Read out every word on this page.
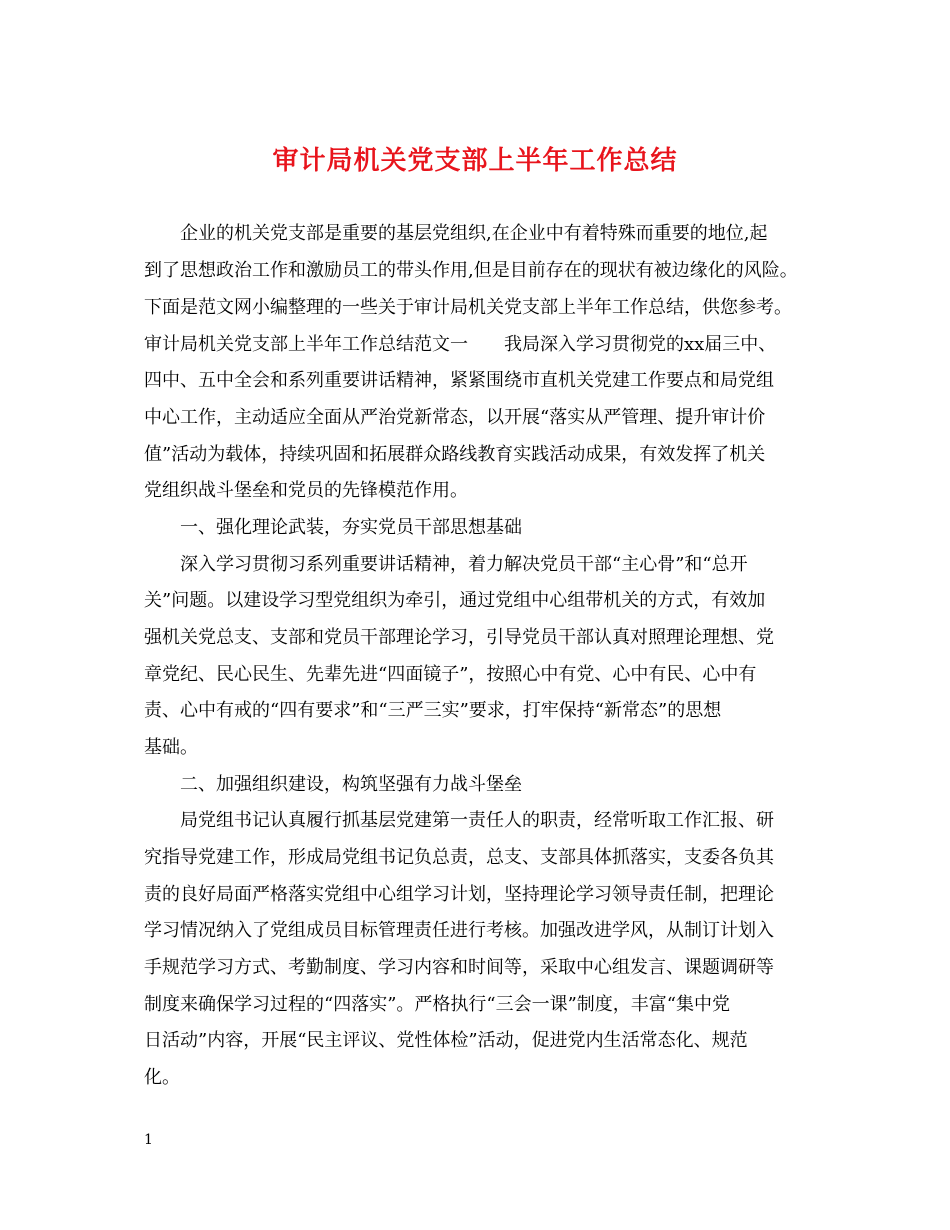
审计局机关党支部上半年工作总结

企业的机关党支部是重要的基层党组织,在企业中有着特殊而重要的地位,起

到了思想政治工作和激励员工的带头作用,但是目前存在的现状有被边缘化的风险。

下面是范文网小编整理的一些关于审计局机关党支部上半年工作总结，供您参考。

审计局机关党支部上半年工作总结范文一　　我局深入学习贯彻党的xx届三中、

四中、五中全会和系列重要讲话精神，紧紧围绕市直机关党建工作要点和局党组

中心工作，主动适应全面从严治党新常态，以开展“落实从严管理、提升审计价

值”活动为载体，持续巩固和拓展群众路线教育实践活动成果，有效发挥了机关

党组织战斗堡垒和党员的先锋模范作用。

一、强化理论武装，夯实党员干部思想基础

深入学习贯彻习系列重要讲话精神，着力解决党员干部“主心骨”和“总开

关”问题。以建设学习型党组织为牵引，通过党组中心组带机关的方式，有效加

强机关党总支、支部和党员干部理论学习，引导党员干部认真对照理论理想、党

章党纪、民心民生、先辈先进“四面镜子”，按照心中有党、心中有民、心中有

责、心中有戒的“四有要求”和“三严三实”要求，打牢保持“新常态”的思想

基础。

二、加强组织建设，构筑坚强有力战斗堡垒

局党组书记认真履行抓基层党建第一责任人的职责，经常听取工作汇报、研

究指导党建工作，形成局党组书记负总责，总支、支部具体抓落实，支委各负其

责的良好局面严格落实党组中心组学习计划，坚持理论学习领导责任制，把理论

学习情况纳入了党组成员目标管理责任进行考核。加强改进学风，从制订计划入

手规范学习方式、考勤制度、学习内容和时间等，采取中心组发言、课题调研等

制度来确保学习过程的“四落实”。严格执行“三会一课”制度，丰富“集中党

日活动”内容，开展“民主评议、党性体检”活动，促进党内生活常态化、规范

化。

1
